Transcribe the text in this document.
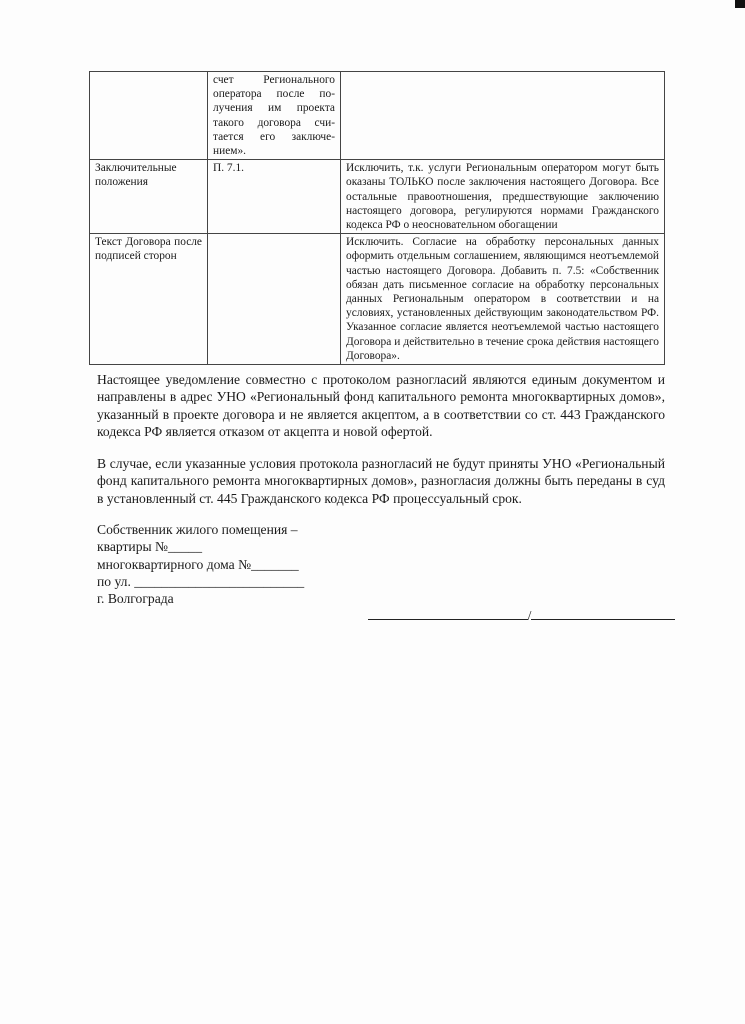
	счет Регионального оператора после получения им проекта такого договора считается его заключением».	
Заключительные положения	П. 7.1.	Исключить, т.к. услуги Региональным оператором могут быть оказаны ТОЛЬКО после заключения настоящего Договора. Все остальные правоотношения, предшествующие заключению настоящего договора, регулируются нормами Гражданского кодекса РФ о неосновательном обогащении
Текст Договора после подписей сторон		Исключить. Согласие на обработку персональных данных оформить отдельным соглашением, являющимся неотъемлемой частью настоящего Договора. Добавить п. 7.5: «Собственник обязан дать письменное согласие на обработку персональных данных Региональным оператором в соответствии и на условиях, установленных действующим законодательством РФ. Указанное согласие является неотъемлемой частью настоящего Договора и действительно в течение срока действия настоящего Договора».

Настоящее уведомление совместно с протоколом разногласий являются единым документом и направлены в адрес УНО «Региональный фонд капитального ремонта многоквартирных домов», указанный в проекте договора и не является акцептом, а в соответствии со ст. 443 Гражданского кодекса РФ является отказом от акцепта и новой офертой.

В случае, если указанные условия протокола разногласий не будут приняты УНО «Региональный фонд капитального ремонта многоквартирных домов», разногласия должны быть переданы в суд в установленный ст. 445 Гражданского кодекса РФ процессуальный срок.

Собственник жилого помещения –
квартиры №_____
многоквартирного дома №_______
по ул. _________________________
г. Волгограда

/
